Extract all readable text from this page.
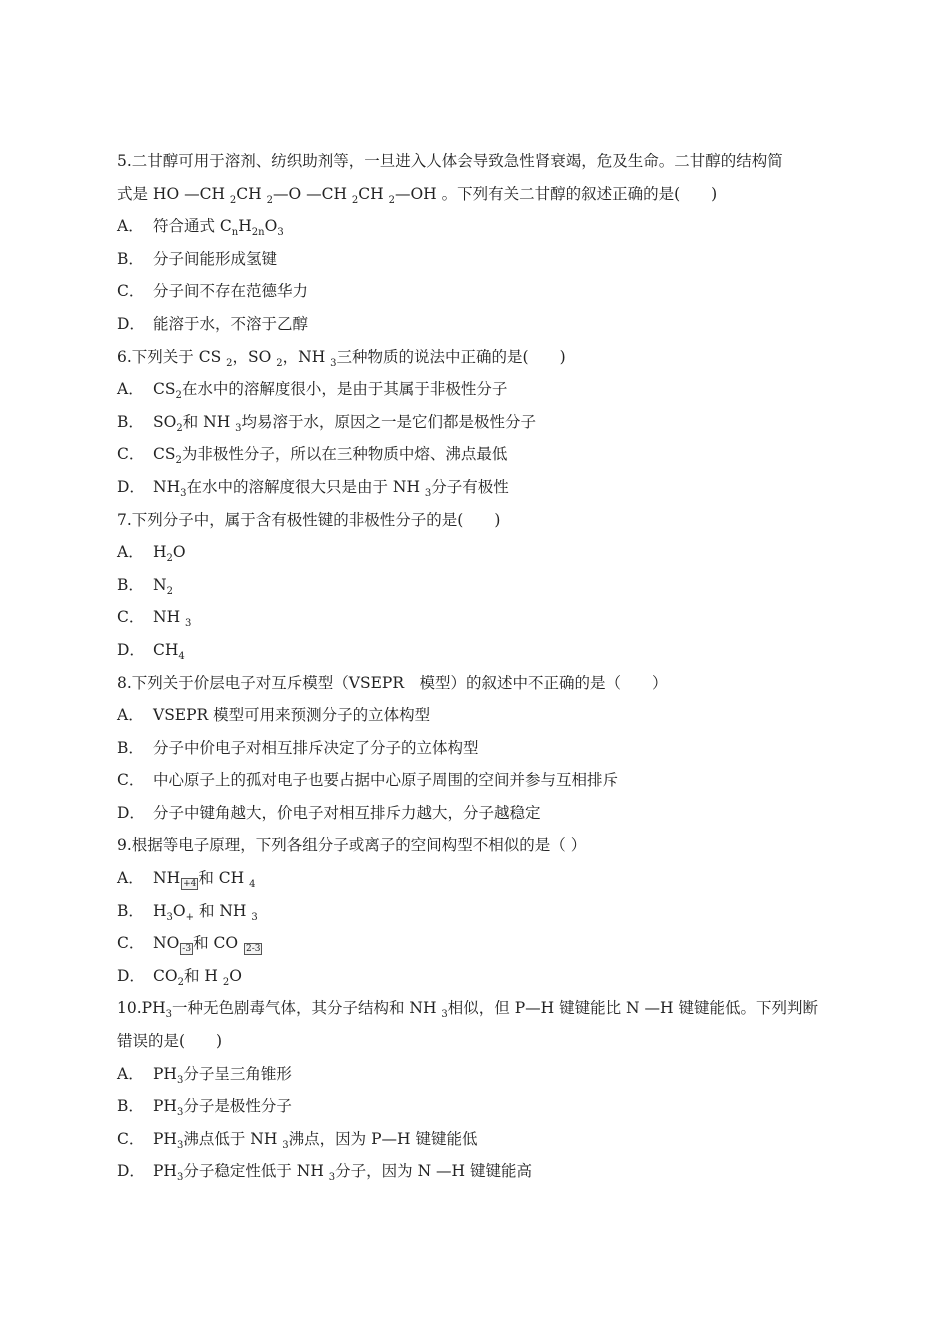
5.二甘醇可用于溶剂、纺织助剂等，一旦进入人体会导致急性肾衰竭，危及生命。二甘醇的结构简
式是 HO —CH $_2$CH $_2$—O —CH $_2$CH $_2$—OH 。下列有关二甘醇的叙述正确的是(　　)
A． 符合通式 $C_nH_{2n}O_3$
B． 分子间能形成氢键
C． 分子间不存在范德华力
D． 能溶于水，不溶于乙醇
6.下列关于 CS $_2$，SO $_2$，NH $_3$三种物质的说法中正确的是(　　)
A． $CS_2$在水中的溶解度很小，是由于其属于非极性分子
B． $SO_2$和 NH $_3$均易溶于水，原因之一是它们都是极性分子
C． $CS_2$为非极性分子，所以在三种物质中熔、沸点最低
D． $NH_3$在水中的溶解度很大只是由于 NH $_3$分子有极性
7.下列分子中，属于含有极性键的非极性分子的是(　　)
A． $H_2O$
B． $N_2$
C． NH $_3$
D． $CH_4$
8.下列关于价层电子对互斥模型（VSEPR　模型）的叙述中不正确的是（　　）
A． VSEPR 模型可用来预测分子的立体构型
B． 分子中价电子对相互排斥决定了分子的立体构型
C． 中心原子上的孤对电子也要占据中心原子周围的空间并参与互相排斥
D． 分子中键角越大，价电子对相互排斥力越大，分子越稳定
9.根据等电子原理，下列各组分子或离子的空间构型不相似的是（ ）
A． NH +4 和 CH $_4$
B． $H_3O_+$ 和 NH $_3$
C． NO -3 和 CO 2-3
D． $CO_2$和 H $_2$O
$10.PH_3$一种无色剧毒气体，其分子结构和 NH $_3$相似，但 P—H 键键能比 N —H 键键能低。下列判断
错误的是(　　)
A． $PH_3$分子呈三角锥形
B． $PH_3$分子是极性分子
C． $PH_3$沸点低于 NH $_3$沸点，因为 P—H 键键能低
D． $PH_3$分子稳定性低于 NH $_3$分子，因为 N —H 键键能高
